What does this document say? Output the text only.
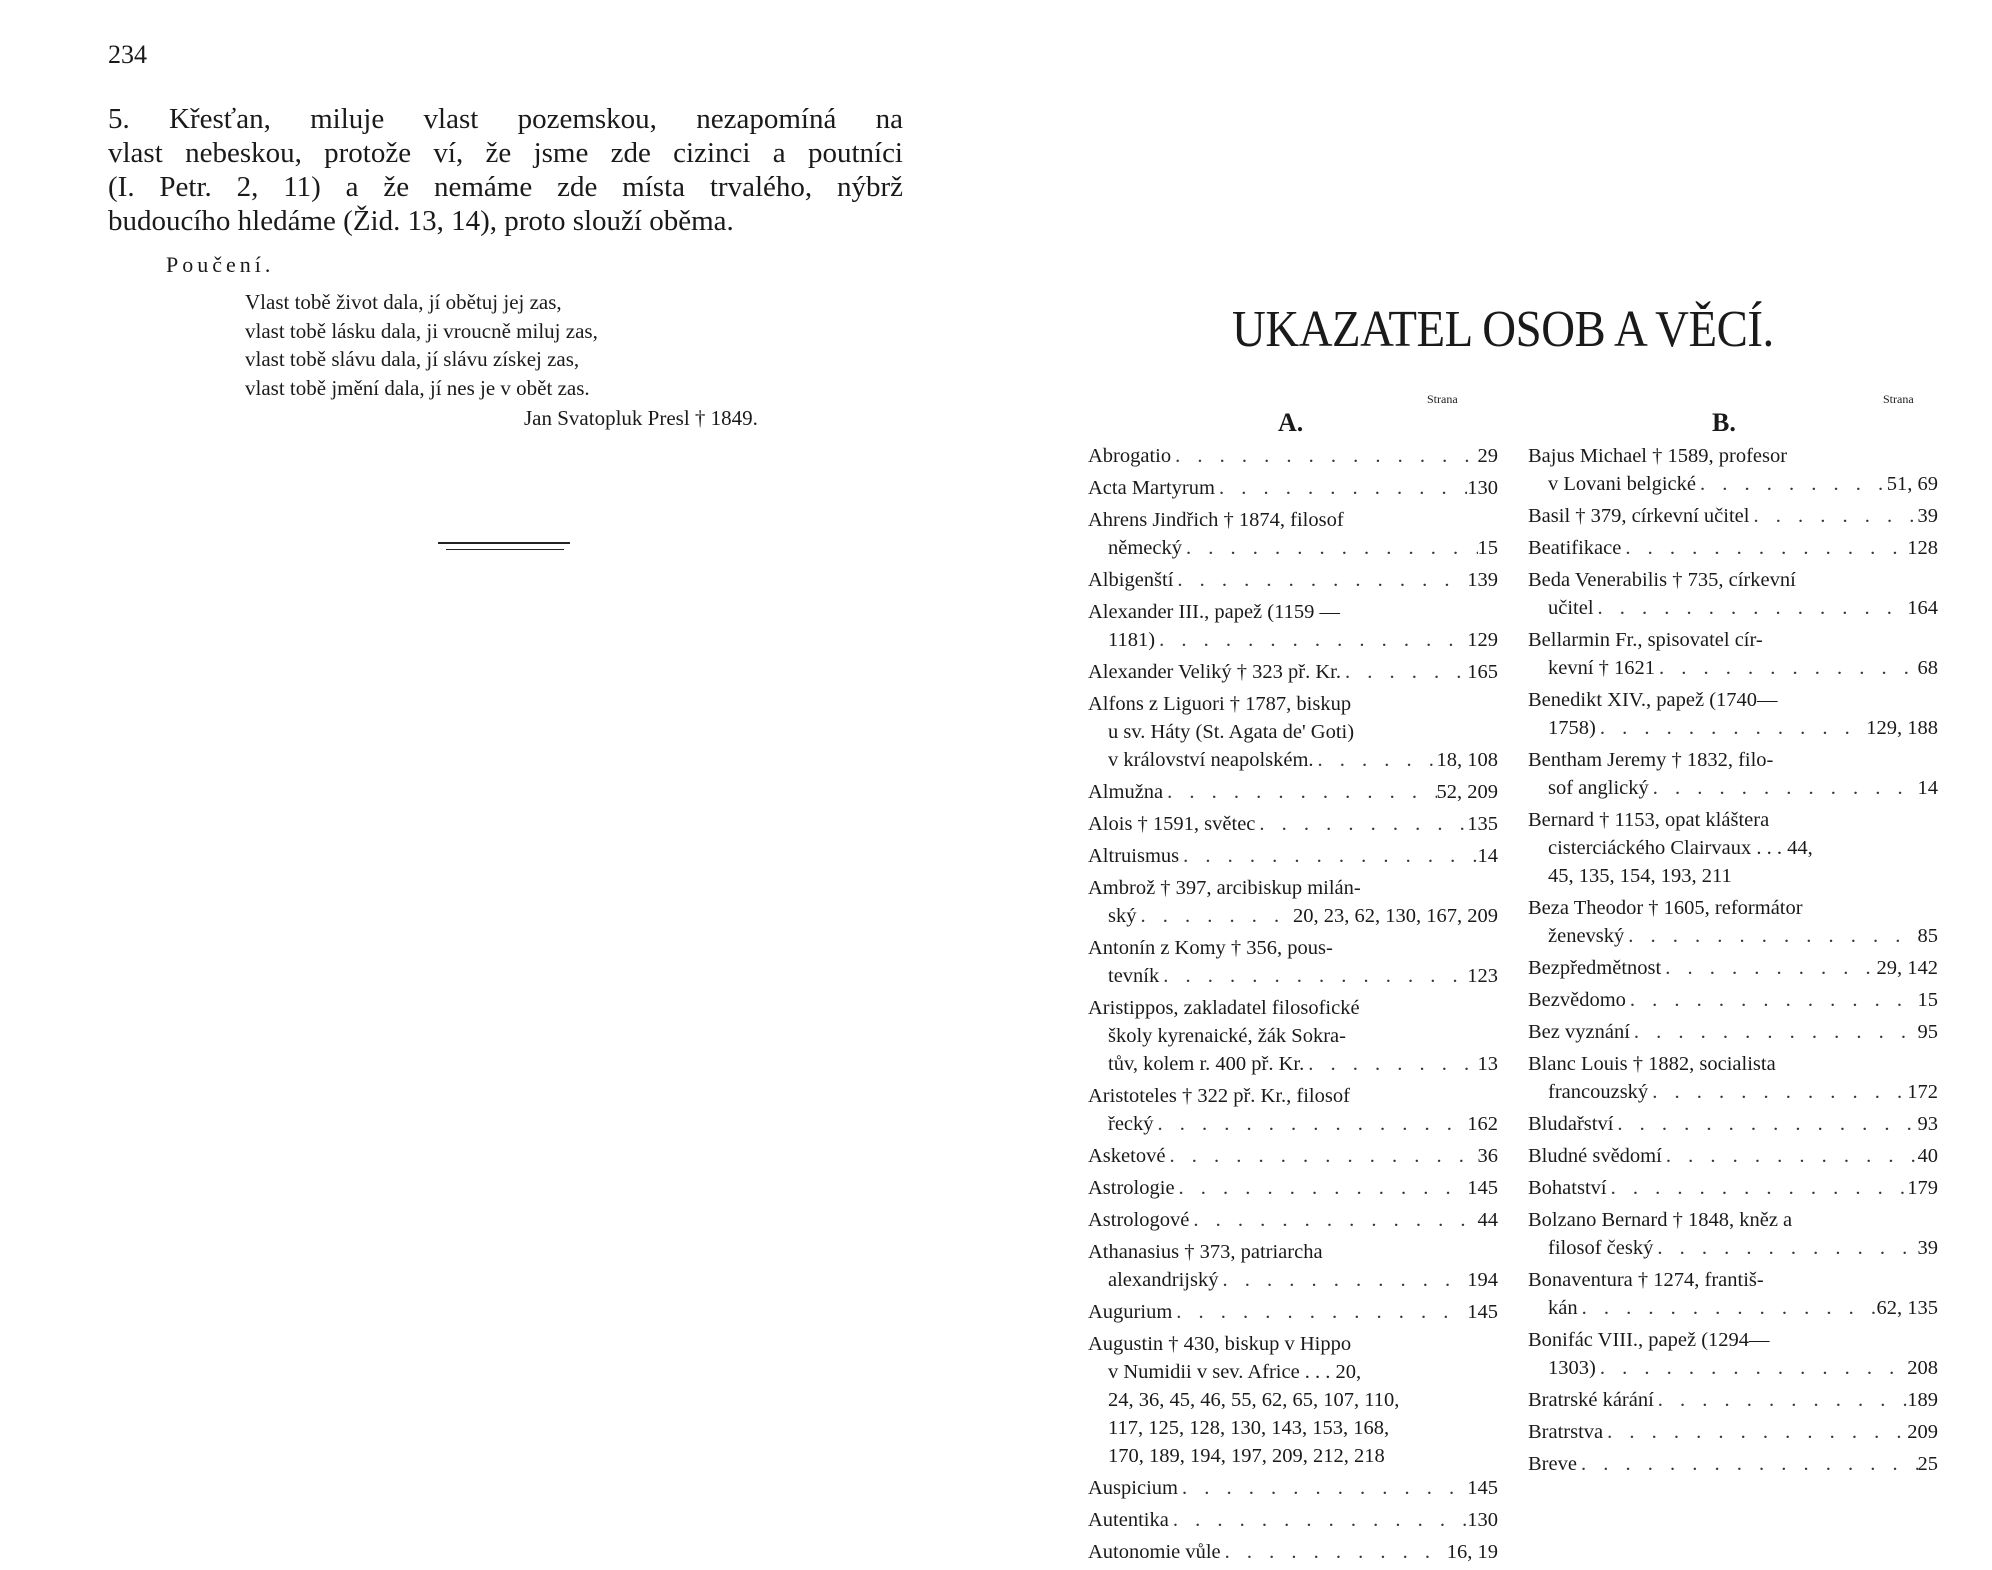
234
5. Křesťan, miluje vlast pozemskou, nezapomíná na
vlast nebeskou, protože ví, že jsme zde cizinci a poutníci
(I. Petr. 2, 11) a že nemáme zde místa trvalého, nýbrž
budoucího hledáme (Žid. 13, 14), proto slouží oběma.
Poučení.
Vlast tobě život dala, jí obětuj jej zas,
vlast tobě lásku dala, ji vroucně miluj zas,
vlast tobě slávu dala, jí slávu získej zas,
vlast tobě jmění dala, jí nes je v obět zas.
Jan Svatopluk Presl † 1849.
UKAZATEL OSOB A VĚCÍ.
Strana	Strana
A.	B.
Abrogatio . . .	29
Acta Martyrum . . .	130
Ahrens Jindřich † 1874, filosof
německý . . .	15
Albigenští . . .	139
Alexander III., papež (1159 —
1181) . . .	129
Alexander Veliký † 323 př. Kr. . . .	165
Alfons z Liguori † 1787, biskup
u sv. Háty (St. Agata de' Goti)
v království neapolském. . . .	18, 108
Almužna . . .	52, 209
Alois † 1591, světec . . .	135
Altruismus . . .	14
Ambrož † 397, arcibiskup milán-
ský . . .	20, 23, 62, 130, 167, 209
Antonín z Komy † 356, pous-
tevník . . .	123
Aristippos, zakladatel filosofické
školy kyrenaické, žák Sokra-
tův, kolem r. 400 př. Kr. . . .	13
Aristoteles † 322 př. Kr., filosof
řecký . . .	162
Asketové . . .	36
Astrologie . . .	145
Astrologové . . .	44
Athanasius † 373, patriarcha
alexandrijský . . .	194
Augurium . . .	145
Augustin † 430, biskup v Hippo
v Numidii v sev. Africe . . . 20,
24, 36, 45, 46, 55, 62, 65, 107, 110,
117, 125, 128, 130, 143, 153, 168,
170, 189, 194, 197, 209, 212, 218
Auspicium . . .	145
Autentika . . .	130
Autonomie vůle . . .	16, 19
Bajus Michael † 1589, profesor
v Lovani belgické . . .	51, 69
Basil † 379, církevní učitel . . .	39
Beatifikace . . .	128
Beda Venerabilis † 735, církevní
učitel . . .	164
Bellarmin Fr., spisovatel cír-
kevní † 1621 . . .	68
Benedikt XIV., papež (1740—
1758) . . .	129, 188
Bentham Jeremy † 1832, filo-
sof anglický . . .	14
Bernard † 1153, opat kláštera
cisterciáckého Clairvaux . . . 44,
45, 135, 154, 193, 211
Beza Theodor † 1605, reformátor
ženevský . . .	85
Bezpředmětnost . . .	29, 142
Bezvědomo . . .	15
Bez vyznání . . .	95
Blanc Louis † 1882, socialista
francouzský . . .	172
Bludařství . . .	93
Bludné svědomí . . .	40
Bohatství . . .	179
Bolzano Bernard † 1848, kněz a
filosof český . . .	39
Bonaventura † 1274, františ-
kán . . .	62, 135
Bonifác VIII., papež (1294—
1303) . . .	208
Bratrské kárání . . .	189
Bratrstva . . .	209
Breve . . .	25
